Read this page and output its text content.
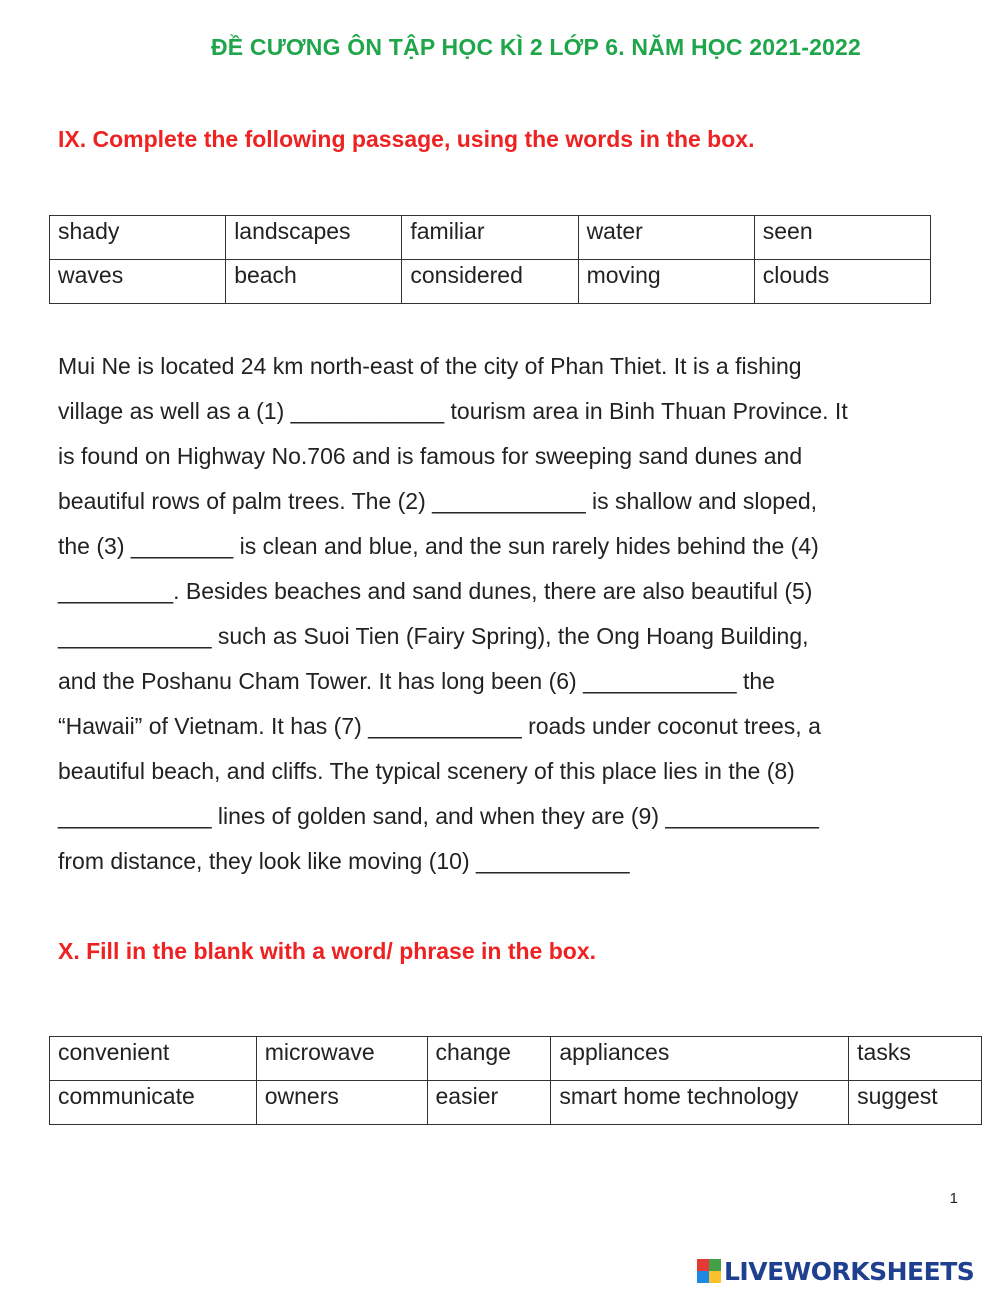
ĐỀ CƯƠNG ÔN TẬP HỌC KÌ 2 LỚP 6. NĂM HỌC 2021-2022
IX. Complete the following passage, using the words in the box.
shady	landscapes	familiar	water	seen
waves	beach	considered	moving	clouds
Mui Ne is located 24 km north-east of the city of Phan Thiet. It is a fishing
village as well as a (1) ____________ tourism area in Binh Thuan Province. It
is found on Highway No.706 and is famous for sweeping sand dunes and
beautiful rows of palm trees. The (2) ____________ is shallow and sloped,
the (3) ________ is clean and blue, and the sun rarely hides behind the (4)
_________. Besides beaches and sand dunes, there are also beautiful (5)
____________ such as Suoi Tien (Fairy Spring), the Ong Hoang Building,
and the Poshanu Cham Tower. It has long been (6) ____________ the
“Hawaii” of Vietnam. It has (7) ____________ roads under coconut trees, a
beautiful beach, and cliffs. The typical scenery of this place lies in the (8)
____________ lines of golden sand, and when they are (9) ____________
from distance, they look like moving (10) ____________
X. Fill in the blank with a word/ phrase in the box.
convenient	microwave	change	appliances	tasks
communicate	owners	easier	smart home technology	suggest
1
LIVEWORKSHEETS
